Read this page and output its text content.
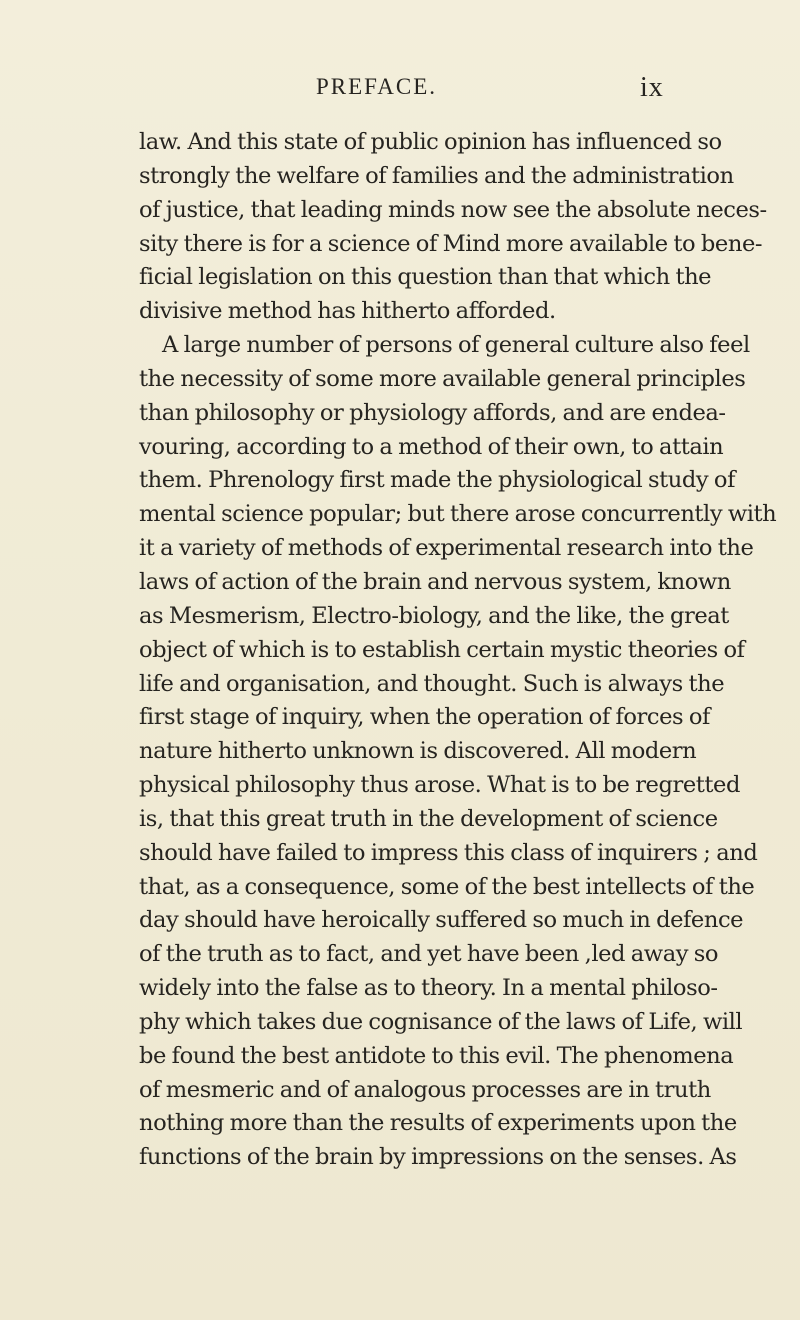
PREFACE.	ix
law. And this state of public opinion has influenced so
strongly the welfare of families and the administration
of justice, that leading minds now see the absolute neces-
sity there is for a science of Mind more available to bene-
ficial legislation on this question than that which the
divisive method has hitherto afforded.
A large number of persons of general culture also feel
the necessity of some more available general principles
than philosophy or physiology affords, and are endea-
vouring, according to a method of their own, to attain
them. Phrenology first made the physiological study of
mental science popular; but there arose concurrently with
it a variety of methods of experimental research into the
laws of action of the brain and nervous system, known
as Mesmerism, Electro-biology, and the like, the great
object of which is to establish certain mystic theories of
life and organisation, and thought. Such is always the
first stage of inquiry, when the operation of forces of
nature hitherto unknown is discovered. All modern
physical philosophy thus arose. What is to be regretted
is, that this great truth in the development of science
should have failed to impress this class of inquirers ; and
that, as a consequence, some of the best intellects of the
day should have heroically suffered so much in defence
of the truth as to fact, and yet have been ,led away so
widely into the false as to theory. In a mental philoso-
phy which takes due cognisance of the laws of Life, will
be found the best antidote to this evil. The phenomena
of mesmeric and of analogous processes are in truth
nothing more than the results of experiments upon the
functions of the brain by impressions on the senses. As
